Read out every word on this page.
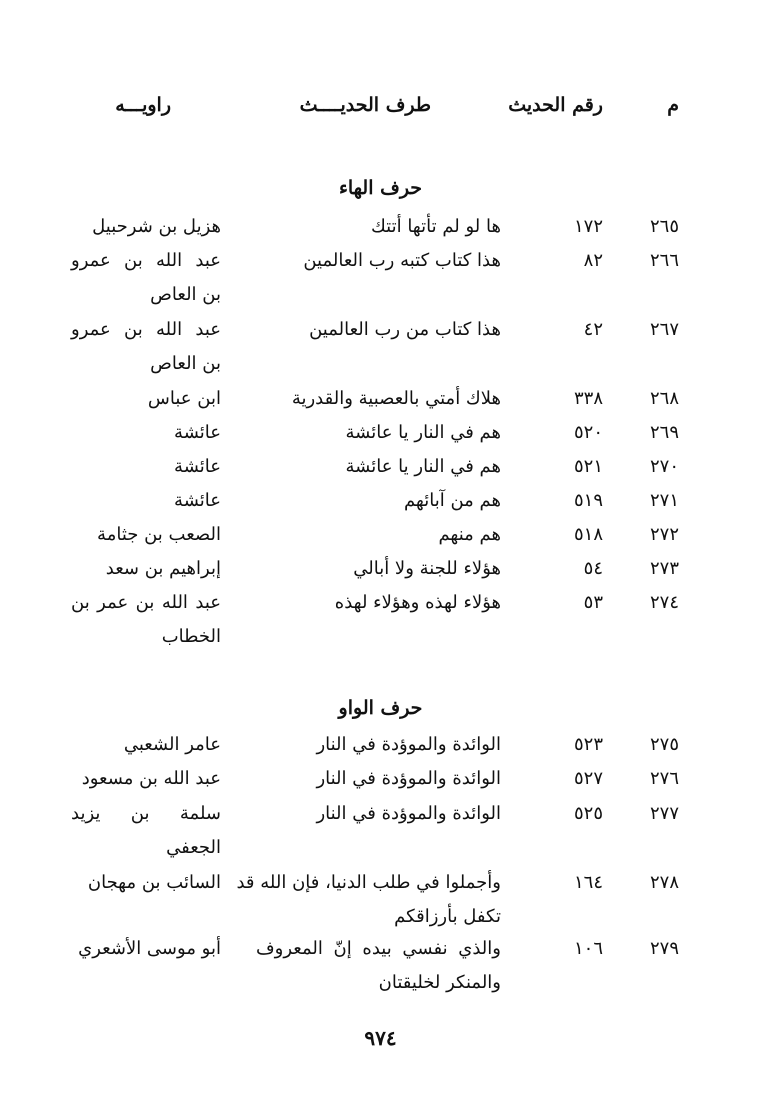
م
رقم الحديث
طرف الحديــــث
راويـــه
حرف الهاء
٢٦٥
١٧٢
ها لو لم تأتها أتتك
هزيل بن شرحبيل
٢٦٦
٨٢
هذا كتاب كتبه رب العالمين
عبد الله بن عمرو بن العاص
٢٦٧
٤٢
هذا كتاب من رب العالمين
عبد الله بن عمرو بن العاص
٢٦٨
٣٣٨
هلاك أمتي بالعصبية والقدرية
ابن عباس
٢٦٩
٥٢٠
هم في النار يا عائشة
عائشة
٢٧٠
٥٢١
هم في النار يا عائشة
عائشة
٢٧١
٥١٩
هم من آبائهم
عائشة
٢٧٢
٥١٨
هم منهم
الصعب بن جثامة
٢٧٣
٥٤
هؤلاء للجنة ولا أبالي
إبراهيم بن سعد
٢٧٤
٥٣
هؤلاء لهذه وهؤلاء لهذه
عبد الله بن عمر بن الخطاب
حرف الواو
٢٧٥
٥٢٣
الوائدة والموؤدة في النار
عامر الشعبي
٢٧٦
٥٢٧
الوائدة والموؤدة في النار
عبد الله بن مسعود
٢٧٧
٥٢٥
الوائدة والموؤدة في النار
سلمة بن يزيد الجعفي
٢٧٨
١٦٤
وأجملوا في طلب الدنيا، فإن الله قد تكفل بأرزاقكم
السائب بن مهجان
٢٧٩
١٠٦
والذي نفسي بيده إنّ المعروف والمنكر لخليقتان
أبو موسى الأشعري
٩٧٤
